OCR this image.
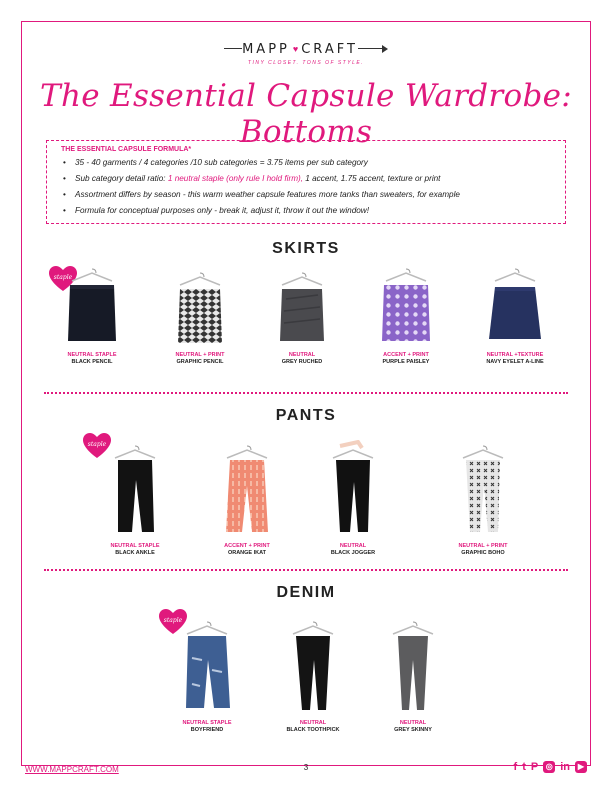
MAPP ♥ CRAFT
TINY CLOSET. TONS OF STYLE.
The Essential Capsule Wardrobe: Bottoms
THE ESSENTIAL CAPSULE FORMULA*
• 35 - 40 garments / 4 categories /10 sub categories = 3.75 items per sub category
• Sub category detail ratio: 1 neutral staple (only rule I hold firm), 1 accent, 1.75 accent, texture or print
• Assortment differs by season - this warm weather capsule features more tanks than sweaters, for example
• Formula for conceptual purposes only - break it, adjust it, throw it out the window!
SKIRTS
staple
NEUTRAL STAPLE
BLACK PENCIL
NEUTRAL + PRINT
GRAPHIC PENCIL
NEUTRAL
GREY RUCHED
ACCENT + PRINT
PURPLE PAISLEY
NEUTRAL +TEXTURE
NAVY EYELET A-LINE
PANTS
staple
NEUTRAL STAPLE
BLACK ANKLE
ACCENT + PRINT
ORANGE IKAT
NEUTRAL
BLACK JOGGER
NEUTRAL + PRINT
GRAPHIC BOHO
DENIM
staple
NEUTRAL STAPLE
BOYFRIEND
NEUTRAL
BLACK TOOTHPICK
NEUTRAL
GREY SKINNY
WWW.MAPPCRAFT.COM	3	f t P ◎ in ▶
